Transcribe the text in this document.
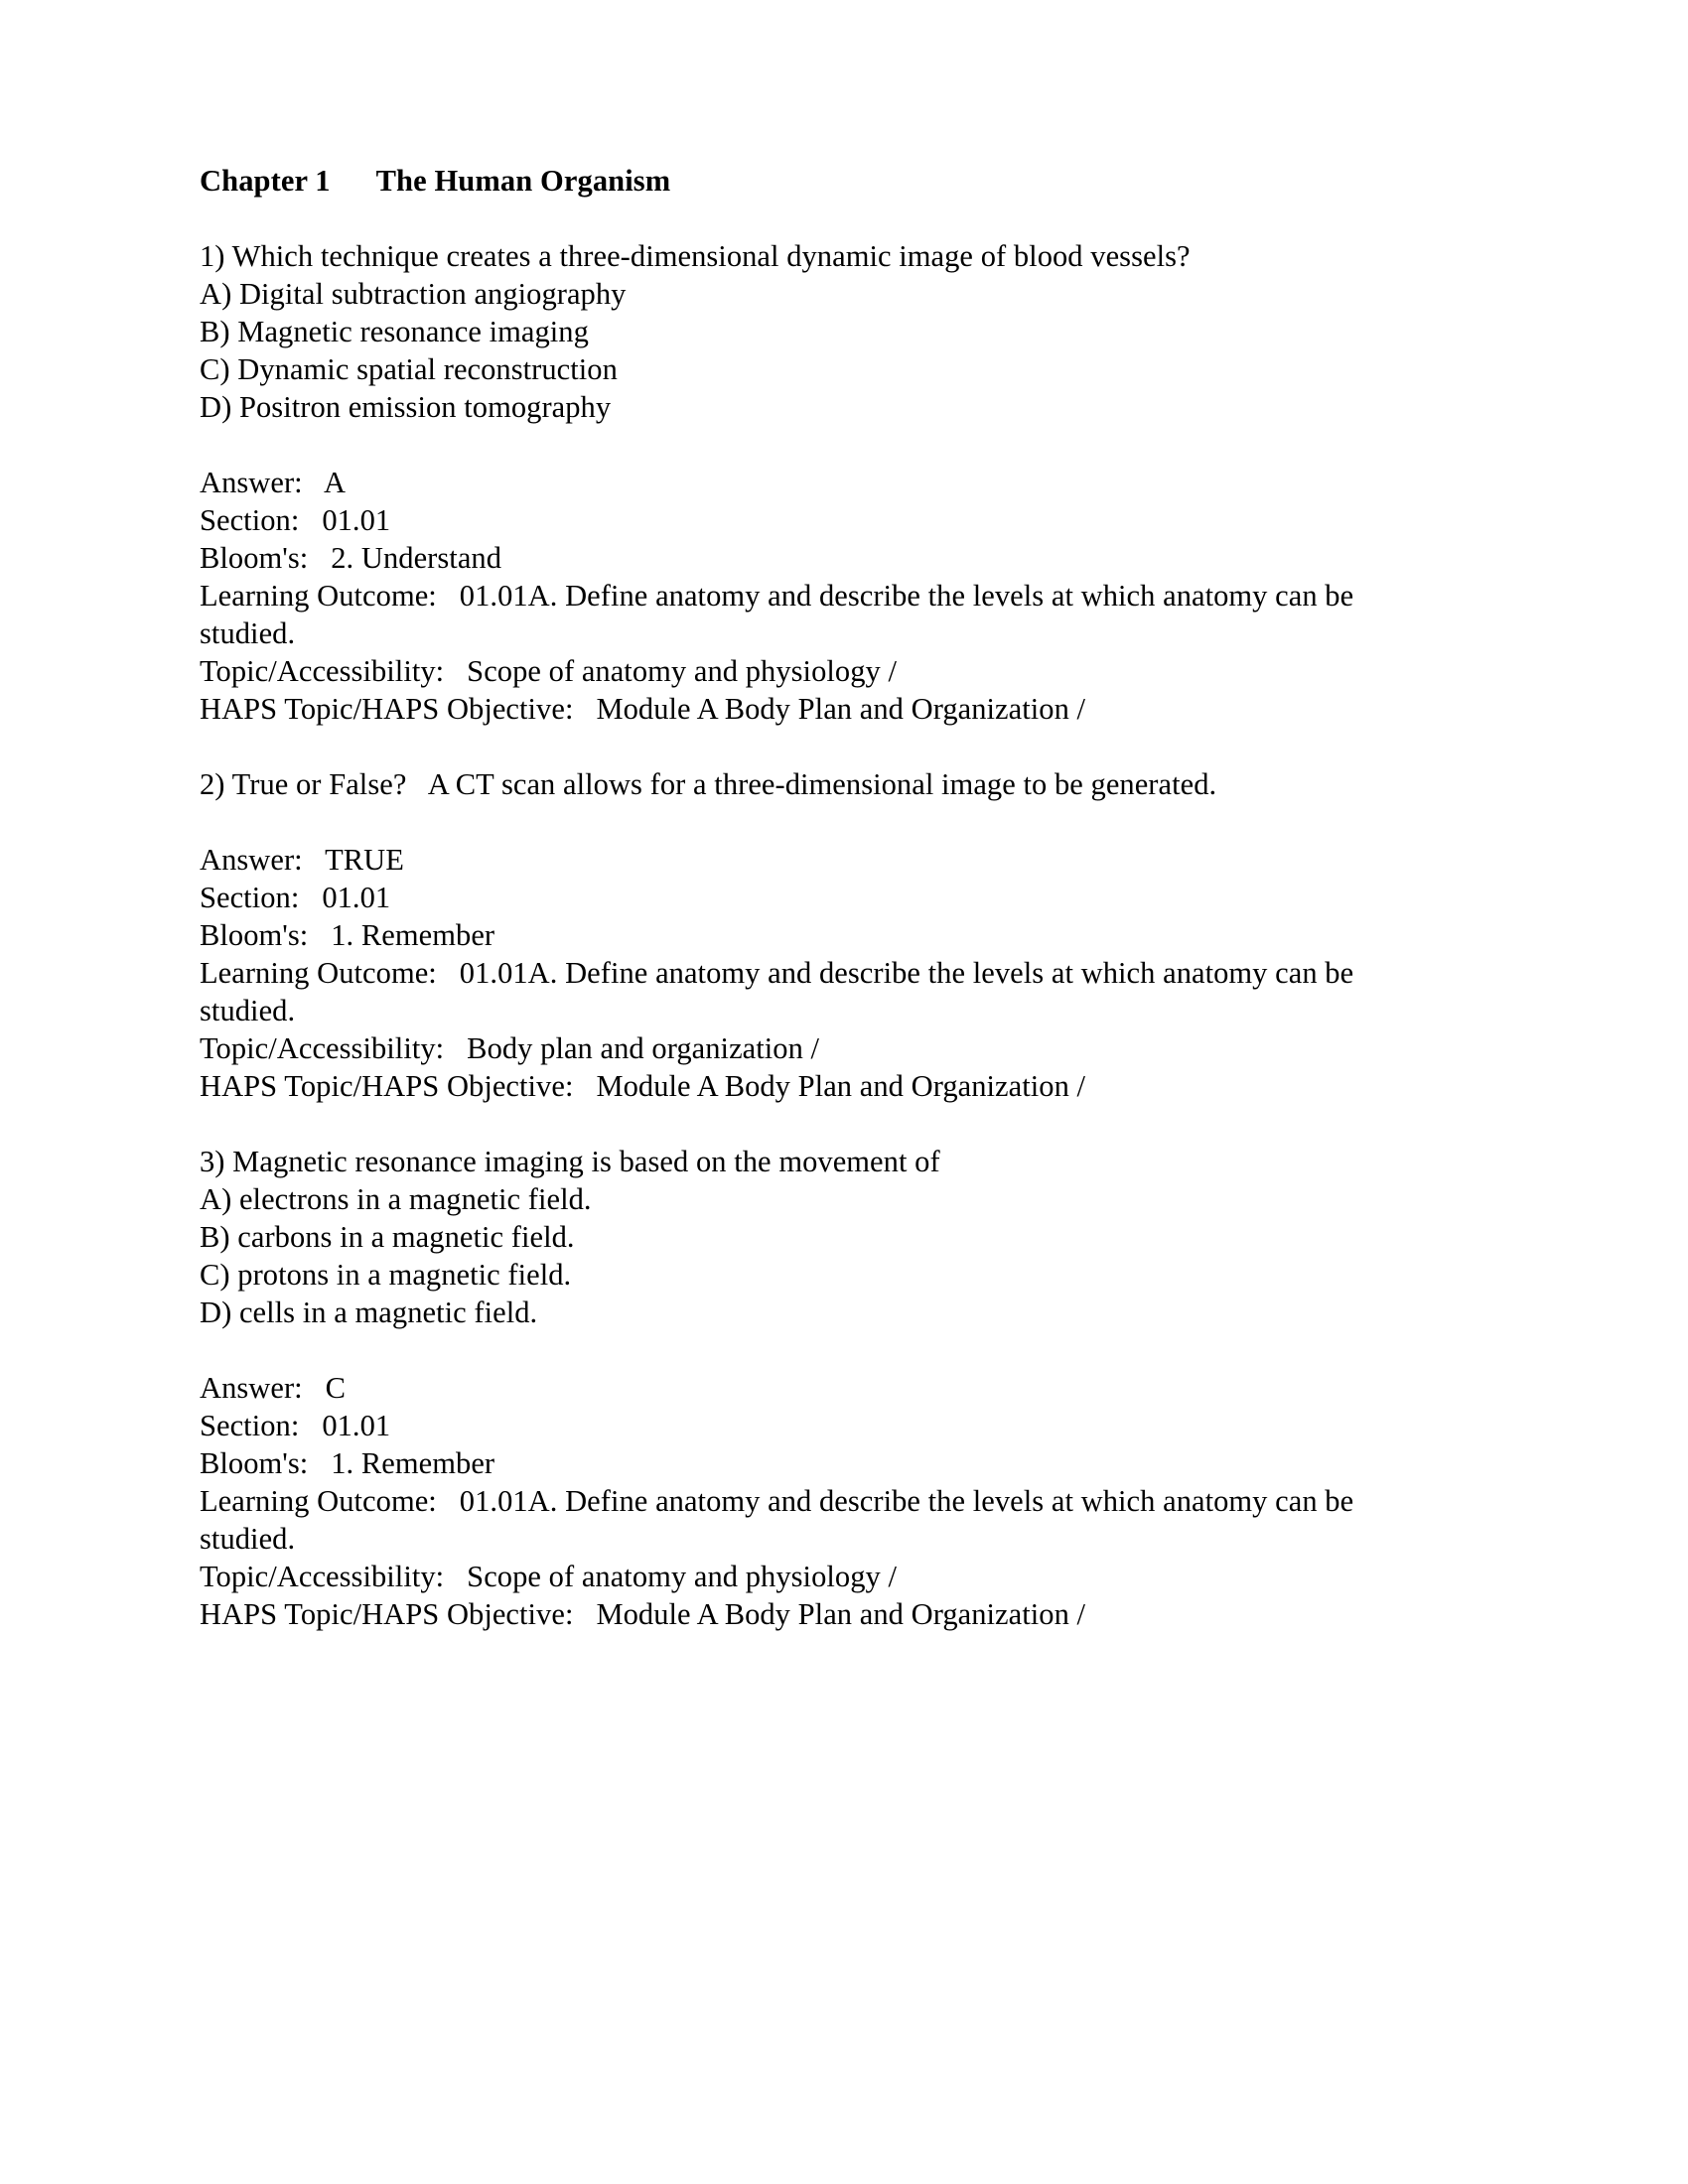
Chapter 1  The Human Organism
1) Which technique creates a three-dimensional dynamic image of blood vessels?
A) Digital subtraction angiography
B) Magnetic resonance imaging
C) Dynamic spatial reconstruction
D) Positron emission tomography
Answer:  A
Section:  01.01
Bloom's:  2. Understand
Learning Outcome:  01.01A. Define anatomy and describe the levels at which anatomy can be studied.
Topic/Accessibility:  Scope of anatomy and physiology /
HAPS Topic/HAPS Objective:  Module A Body Plan and Organization /
2) True or False?  A CT scan allows for a three-dimensional image to be generated.
Answer:  TRUE
Section:  01.01
Bloom's:  1. Remember
Learning Outcome:  01.01A. Define anatomy and describe the levels at which anatomy can be studied.
Topic/Accessibility:  Body plan and organization /
HAPS Topic/HAPS Objective:  Module A Body Plan and Organization /
3) Magnetic resonance imaging is based on the movement of
A) electrons in a magnetic field.
B) carbons in a magnetic field.
C) protons in a magnetic field.
D) cells in a magnetic field.
Answer:  C
Section:  01.01
Bloom's:  1. Remember
Learning Outcome:  01.01A. Define anatomy and describe the levels at which anatomy can be studied.
Topic/Accessibility:  Scope of anatomy and physiology /
HAPS Topic/HAPS Objective:  Module A Body Plan and Organization /
